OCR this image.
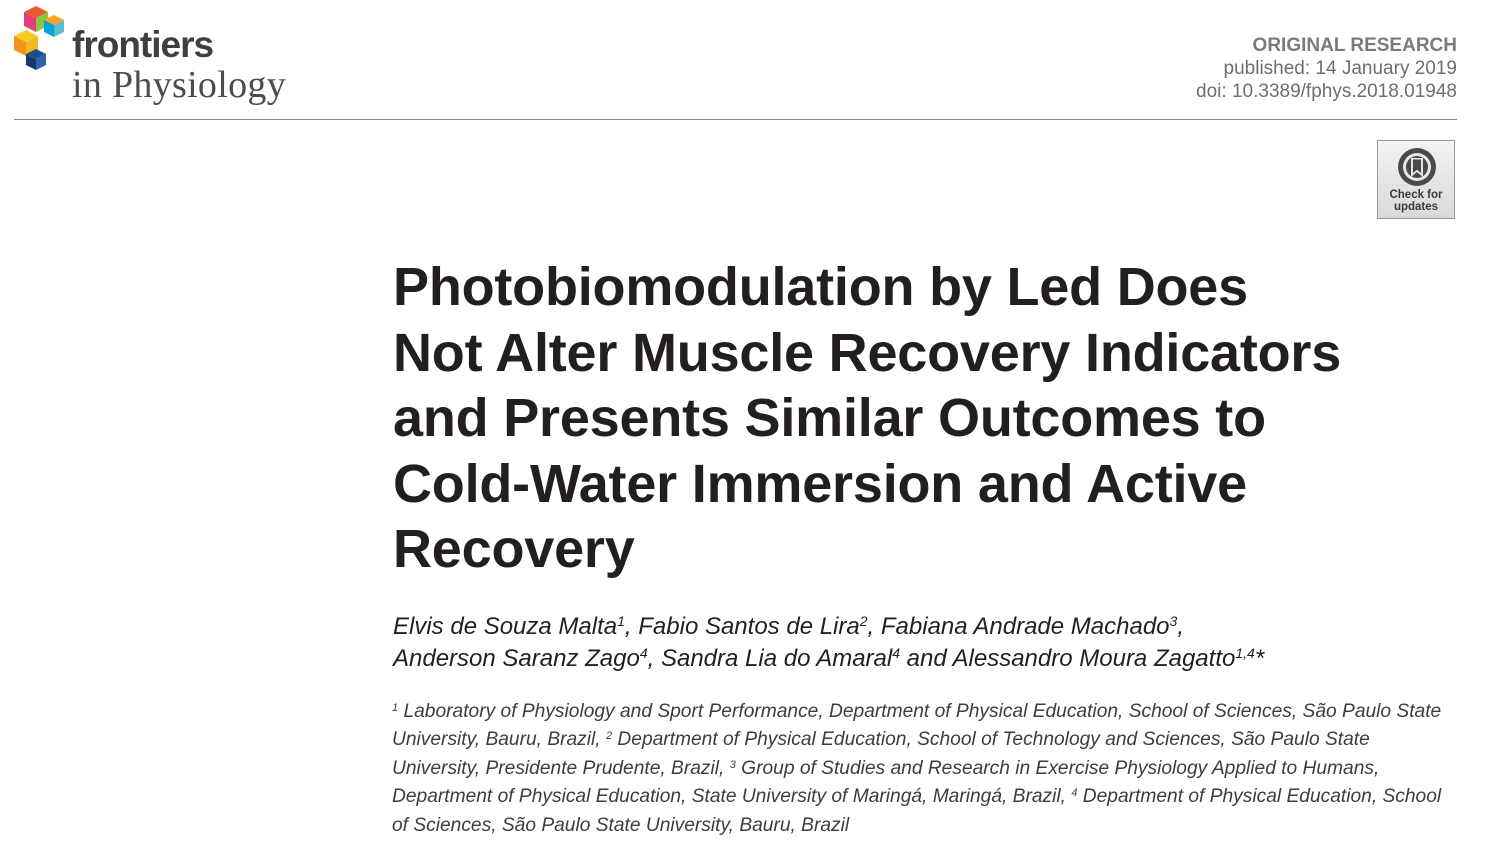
frontiers
in Physiology
ORIGINAL RESEARCH
published: 14 January 2019
doi: 10.3389/fphys.2018.01948
Check for
updates
Photobiomodulation by Led Does
Not Alter Muscle Recovery Indicators
and Presents Similar Outcomes to
Cold-Water Immersion and Active
Recovery
Elvis de Souza Malta$^1$, Fabio Santos de Lira$^2$, Fabiana Andrade Machado$^3$,
Anderson Saranz Zago$^4$, Sandra Lia do Amaral$^4$ and Alessandro Moura Zagatto$^{1,4}$*
$^1$ Laboratory of Physiology and Sport Performance, Department of Physical Education, School of Sciences, São Paulo State
University, Bauru, Brazil, $^2$ Department of Physical Education, School of Technology and Sciences, São Paulo State
University, Presidente Prudente, Brazil, $^3$ Group of Studies and Research in Exercise Physiology Applied to Humans,
Department of Physical Education, State University of Maringá, Maringá, Brazil, $^4$ Department of Physical Education, School
of Sciences, São Paulo State University, Bauru, Brazil
